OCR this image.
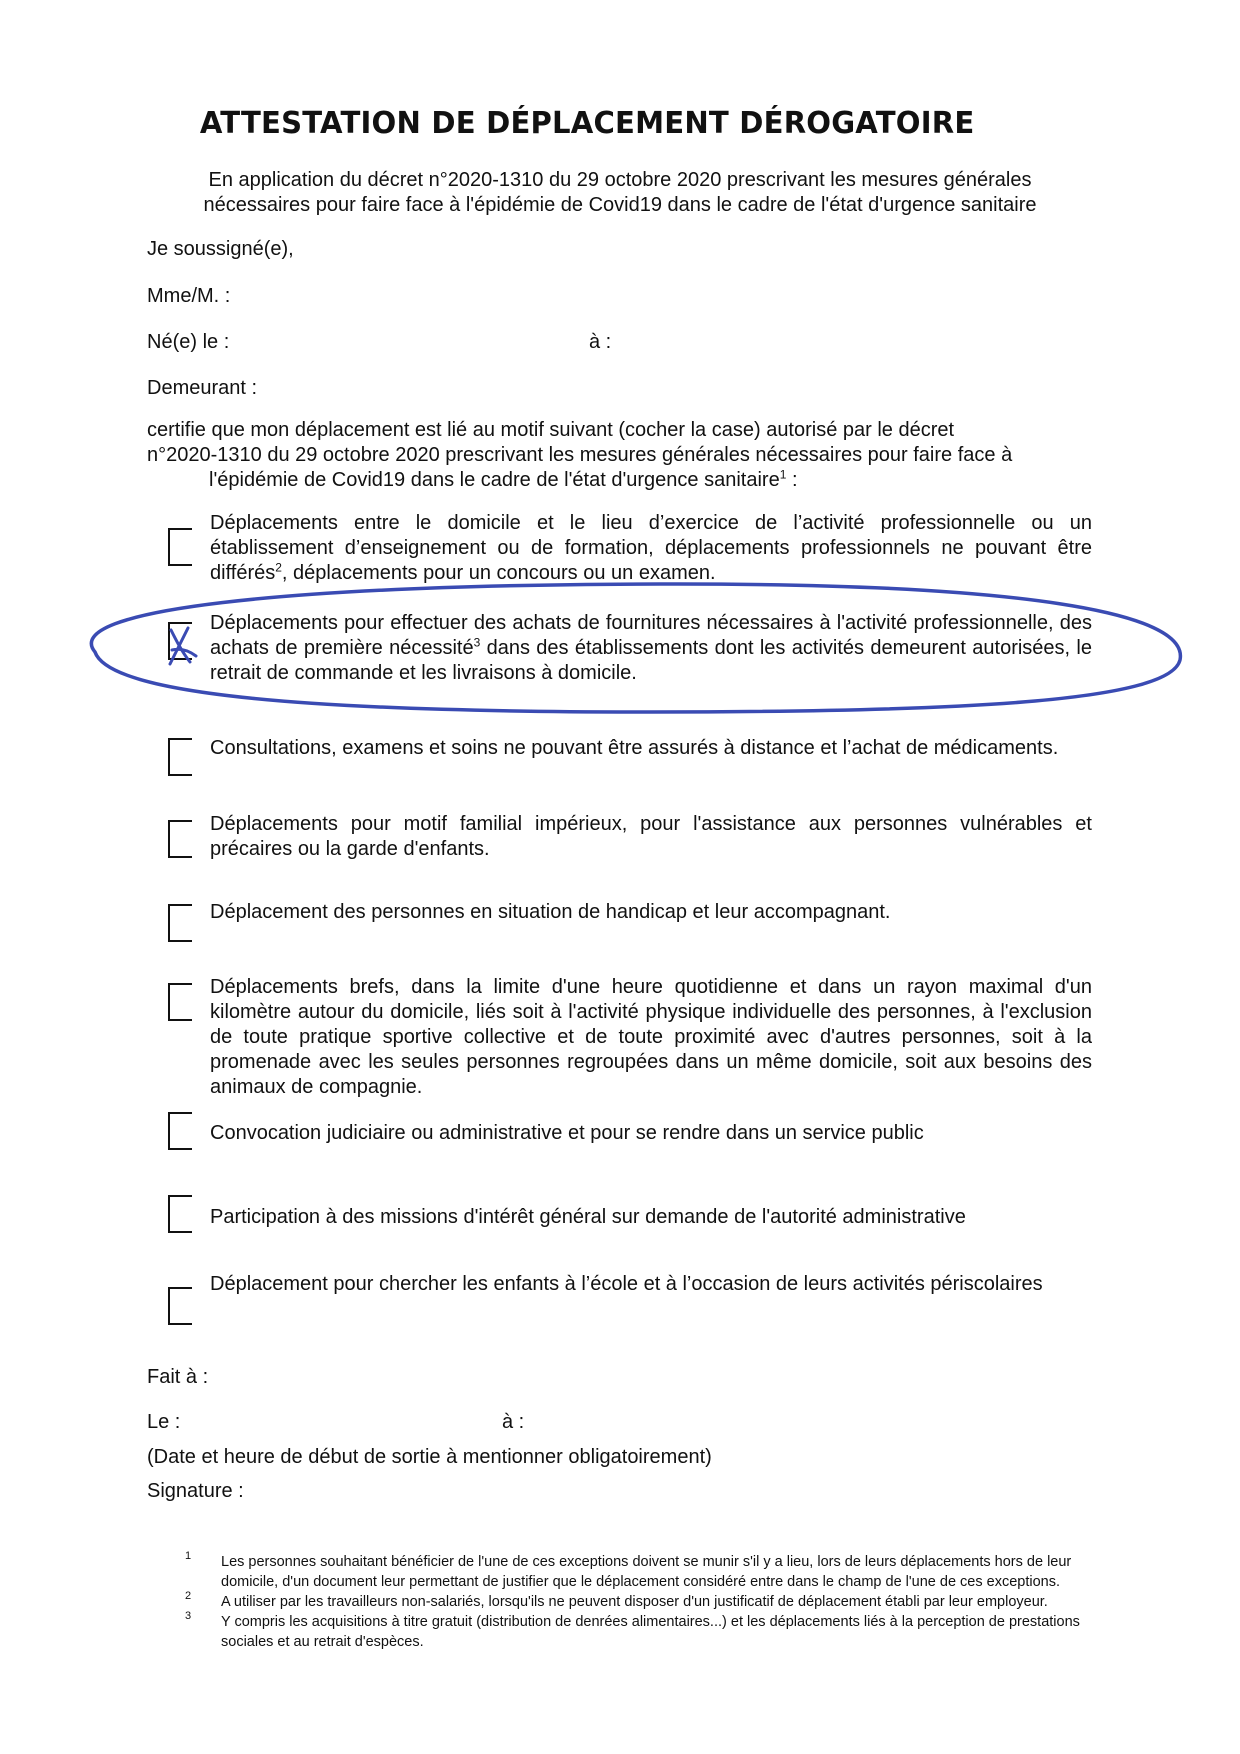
ATTESTATION DE DÉPLACEMENT DÉROGATOIRE
En application du décret n°2020-1310 du 29 octobre 2020 prescrivant les mesures générales
nécessaires pour faire face à l'épidémie de Covid19 dans le cadre de l'état d'urgence sanitaire
Je soussigné(e),
Mme/M. :
Né(e) le :	à :
Demeurant :
certifie que mon déplacement est lié au motif suivant (cocher la case) autorisé par le décret
n°2020-1310 du 29 octobre 2020 prescrivant les mesures générales nécessaires pour faire face à
l'épidémie de Covid19 dans le cadre de l'état d'urgence sanitaire$^1$ :
Déplacements entre le domicile et le lieu d’exercice de l’activité professionnelle ou un établissement d’enseignement ou de formation, déplacements professionnels ne pouvant être différés$^2$, déplacements pour un concours ou un examen.
Déplacements pour effectuer des achats de fournitures nécessaires à l'activité professionnelle, des achats de première nécessité$^3$ dans des établissements dont les activités demeurent autorisées, le retrait de commande et les livraisons à domicile.
Consultations, examens et soins ne pouvant être assurés à distance et l’achat de médicaments.
Déplacements pour motif familial impérieux, pour l'assistance aux personnes vulnérables et précaires ou la garde d'enfants.
Déplacement des personnes en situation de handicap et leur accompagnant.
Déplacements brefs, dans la limite d'une heure quotidienne et dans un rayon maximal d'un kilomètre autour du domicile, liés soit à l'activité physique individuelle des personnes, à l'exclusion de toute pratique sportive collective et de toute proximité avec d'autres personnes, soit à la promenade avec les seules personnes regroupées dans un même domicile, soit aux besoins des animaux de compagnie.
Convocation judiciaire ou administrative et pour se rendre dans un service public
Participation à des missions d'intérêt général sur demande de l'autorité administrative
Déplacement pour chercher les enfants à l’école et à l’occasion de leurs activités périscolaires
Fait à :
Le :	à :
(Date et heure de début de sortie à mentionner obligatoirement)
Signature :
1 Les personnes souhaitant bénéficier de l'une de ces exceptions doivent se munir s'il y a lieu, lors de leurs déplacements hors de leur domicile, d'un document leur permettant de justifier que le déplacement considéré entre dans le champ de l'une de ces exceptions.
2 A utiliser par les travailleurs non-salariés, lorsqu'ils ne peuvent disposer d'un justificatif de déplacement établi par leur employeur.
3 Y compris les acquisitions à titre gratuit (distribution de denrées alimentaires...) et les déplacements liés à la perception de prestations sociales et au retrait d'espèces.
